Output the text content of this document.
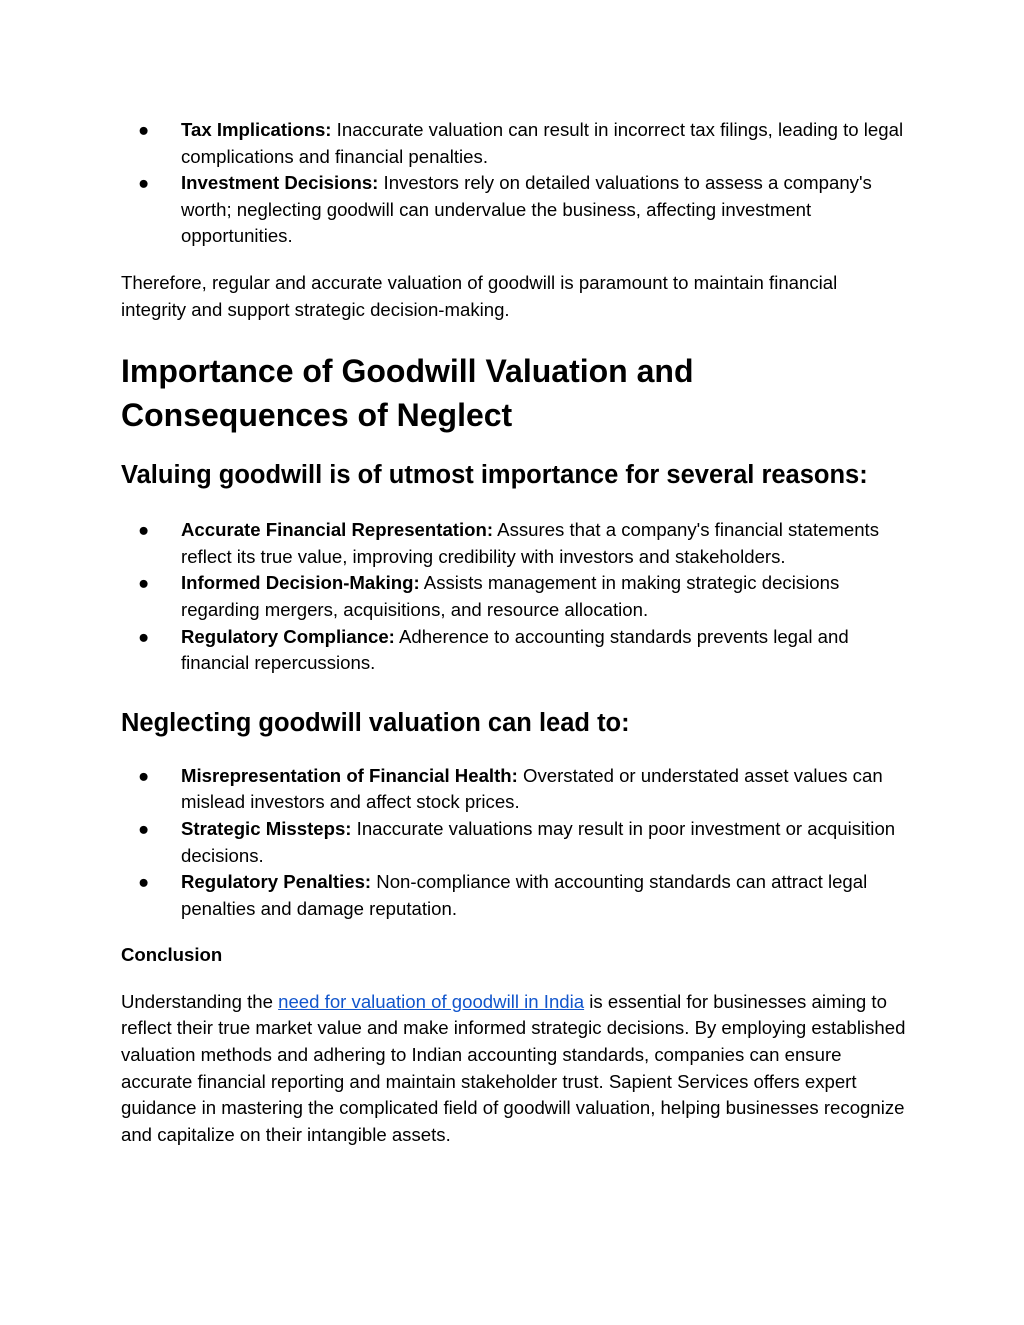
● Tax Implications: Inaccurate valuation can result in incorrect tax filings, leading to legal complications and financial penalties.
● Investment Decisions: Investors rely on detailed valuations to assess a company's worth; neglecting goodwill can undervalue the business, affecting investment opportunities.

Therefore, regular and accurate valuation of goodwill is paramount to maintain financial integrity and support strategic decision-making.

Importance of Goodwill Valuation and Consequences of Neglect
Valuing goodwill is of utmost importance for several reasons:
● Accurate Financial Representation: Assures that a company's financial statements reflect its true value, improving credibility with investors and stakeholders.
● Informed Decision-Making: Assists management in making strategic decisions regarding mergers, acquisitions, and resource allocation.
● Regulatory Compliance: Adherence to accounting standards prevents legal and financial repercussions.
Neglecting goodwill valuation can lead to:
● Misrepresentation of Financial Health: Overstated or understated asset values can mislead investors and affect stock prices.
● Strategic Missteps: Inaccurate valuations may result in poor investment or acquisition decisions.
● Regulatory Penalties: Non-compliance with accounting standards can attract legal penalties and damage reputation.
Conclusion

Understanding the need for valuation of goodwill in India is essential for businesses aiming to reflect their true market value and make informed strategic decisions. By employing established valuation methods and adhering to Indian accounting standards, companies can ensure accurate financial reporting and maintain stakeholder trust. Sapient Services offers expert guidance in mastering the complicated field of goodwill valuation, helping businesses recognize and capitalize on their intangible assets.
